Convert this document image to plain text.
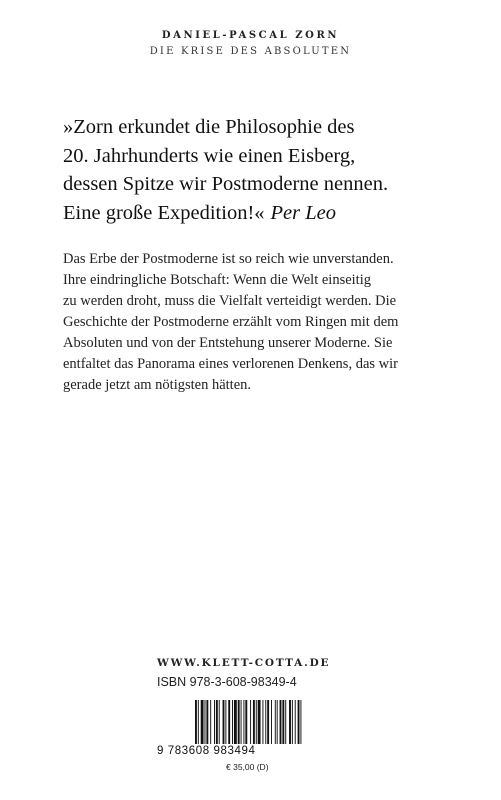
DANIEL-PASCAL ZORN
DIE KRISE DES ABSOLUTEN
»Zorn erkundet die Philosophie des
20. Jahrhunderts wie einen Eisberg,
dessen Spitze wir Postmoderne nennen.
Eine große Expedition!« Per Leo
Das Erbe der Postmoderne ist so reich wie unverstanden.
Ihre eindringliche Botschaft: Wenn die Welt einseitig
zu werden droht, muss die Vielfalt verteidigt werden. Die
Geschichte der Postmoderne erzählt vom Ringen mit dem
Absoluten und von der Entstehung unserer Moderne. Sie
entfaltet das Panorama eines verlorenen Denkens, das wir
gerade jetzt am nötigsten hätten.
WWW.KLETT-COTTA.DE
ISBN 978-3-608-98349-4
9 783608 983494
€ 35,00 (D)
